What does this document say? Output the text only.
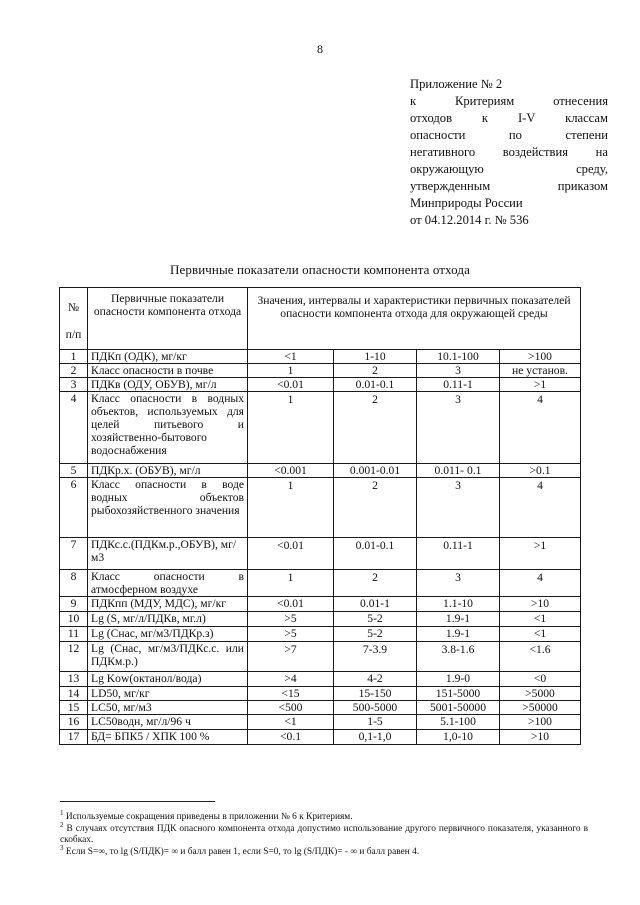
8
Приложение № 2
к Критериям отнесения
отходов к I-V классам
опасности по степени
негативного воздействия на
окружающую среду,
утвержденным приказом
Минприроды России
от 04.12.2014 г. № 536
Первичные показатели опасности компонента отхода
№
п/п	Первичные показатели опасности компонента отхода	Значения, интервалы и характеристики первичных показателей опасности компонента отхода для окружающей среды			
1	ПДКп (ОДК), мг/кг	<1	1-10	10.1-100	>100
2	Класс опасности в почве	1	2	3	не установ.
3	ПДКв (ОДУ, ОБУВ), мг/л	<0.01	0.01-0.1	0.11-1	>1
4	Класс опасности в водных объектов, используемых для целей питьевого и хозяйственно-бытового водоснабжения	1	2	3	4
5	ПДКр.х. (ОБУВ), мг/л	<0.001	0.001-0.01	0.011- 0.1	>0.1
6	Класс опасности в воде водных объектов рыбохозяйственного значения	1	2	3	4
7	ПДКс.с.(ПДКм.р.,ОБУВ), мг/м3	<0.01	0.01-0.1	0.11-1	>1
8	Класс опасности в атмосферном воздухе	1	2	3	4
9	ПДКпп (МДУ, МДС), мг/кг	<0.01	0.01-1	1.1-10	>10
10	Lg (S, мг/л/ПДКв, мг.л)	>5	5-2	1.9-1	<1
11	Lg (Снас, мг/м3/ПДКр.з)	>5	5-2	1.9-1	<1
12	Lg (Снас, мг/м3/ПДКс.с. или ПДКм.р.)	>7	7-3.9	3.8-1.6	<1.6
13	Lg Kow(октанол/вода)	>4	4-2	1.9-0	<0
14	LD50, мг/кг	<15	15-150	151-5000	>5000
15	LC50, мг/м3	<500	500-5000	5001-50000	>50000
16	LC50водн, мг/л/96 ч	<1	1-5	5.1-100	>100
17	БД= БПК5 / ХПК 100 %	<0.1	0,1-1,0	1,0-10	>10

$^1$ Используемые сокращения приведены в приложении № 6 к Критериям.

$^2$ В случаях отсутствия ПДК опасного компонента отхода допустимо использование другого первичного показателя, указанного в скобках.

$^3$ Если S=∞, то lg (S/ПДК)= ∞ и балл равен 1, если S=0, то lg (S/ПДК)= - ∞ и балл равен 4.
